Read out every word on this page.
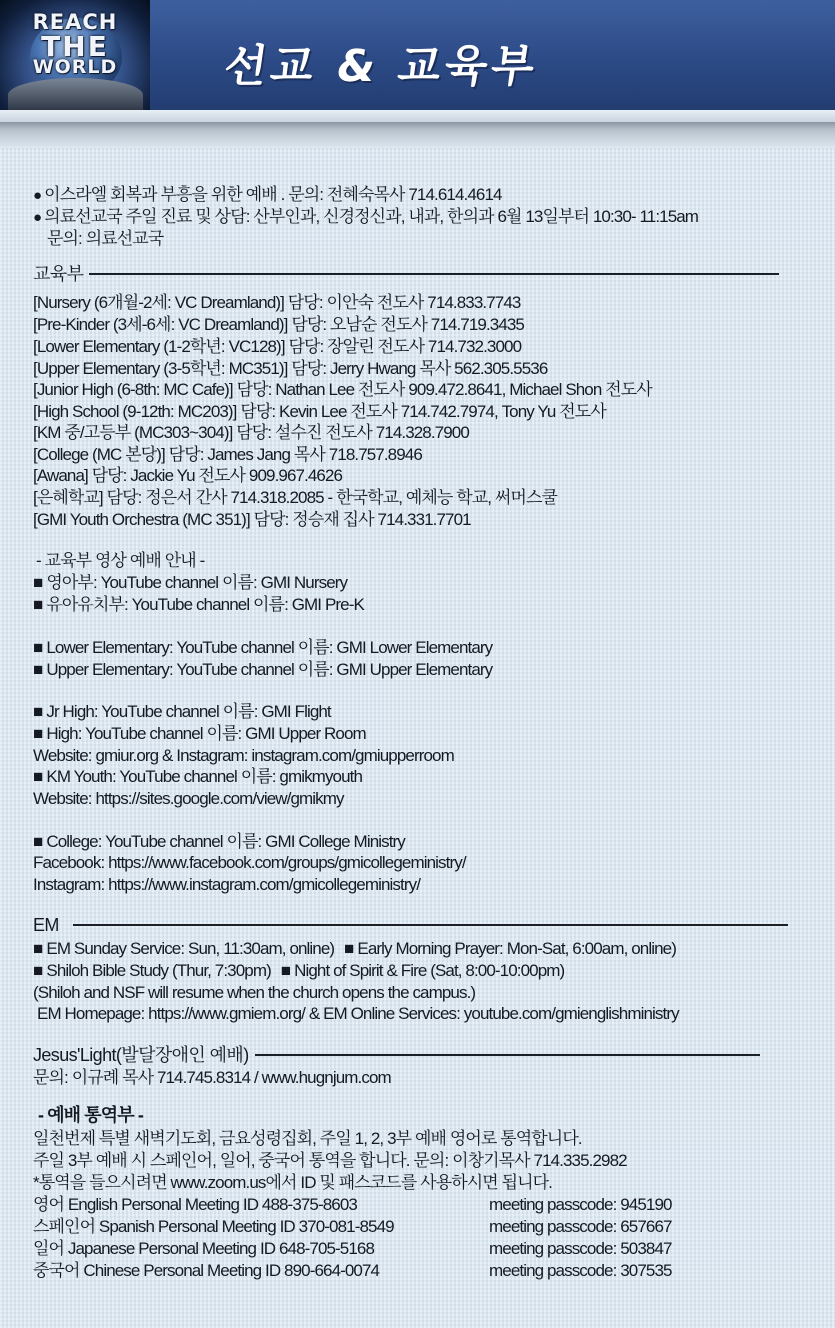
REACH
THE
WORLD	선교 & 교육부
● 이스라엘 회복과 부흥을 위한 예배 . 문의: 전혜숙목사 714.614.4614
● 의료선교국 주일 진료 및 상담: 산부인과, 신경정신과, 내과, 한의과 6월 13일부터 10:30- 11:15am
문의: 의료선교국
교육부
[Nursery (6개월-2세: VC Dreamland)] 담당: 이안숙 전도사 714.833.7743
[Pre-Kinder (3세-6세: VC Dreamland)] 담당: 오남순 전도사 714.719.3435
[Lower Elementary (1-2학년: VC128)] 담당: 장알린 전도사 714.732.3000
[Upper Elementary (3-5학년: MC351)] 담당: Jerry Hwang 목사 562.305.5536
[Junior High (6-8th: MC Cafe)] 담당: Nathan Lee 전도사 909.472.8641, Michael Shon 전도사
[High School (9-12th: MC203)] 담당: Kevin Lee 전도사 714.742.7974, Tony Yu 전도사
[KM 중/고등부 (MC303~304)] 담당: 설수진 전도사 714.328.7900
[College (MC 본당)] 담당: James Jang 목사 718.757.8946
[Awana] 담당: Jackie Yu 전도사 909.967.4626
[은혜학교] 담당: 정은서 간사 714.318.2085 - 한국학교, 예체능 학교, 써머스쿨
[GMI Youth Orchestra (MC 351)] 담당: 정승재 집사 714.331.7701
- 교육부 영상 예배 안내 -
■ 영아부: YouTube channel 이름: GMI Nursery
■ 유아유치부: YouTube channel 이름: GMI Pre-K
■ Lower Elementary: YouTube channel 이름: GMI Lower Elementary
■ Upper Elementary: YouTube channel 이름: GMI Upper Elementary
■ Jr High: YouTube channel 이름: GMI Flight
■ High: YouTube channel 이름: GMI Upper Room
Website: gmiur.org & Instagram: instagram.com/gmiupperroom
■ KM Youth: YouTube channel 이름: gmikmyouth
Website: https://sites.google.com/view/gmikmy
■ College: YouTube channel 이름: GMI College Ministry
Facebook: https://www.facebook.com/groups/gmicollegeministry/
Instagram: https://www.instagram.com/gmicollegeministry/
EM
■ EM Sunday Service: Sun, 11:30am, online) ■ Early Morning Prayer: Mon-Sat, 6:00am, online)
■ Shiloh Bible Study (Thur, 7:30pm) ■ Night of Spirit & Fire (Sat, 8:00-10:00pm)
(Shiloh and NSF will resume when the church opens the campus.)
EM Homepage: https://www.gmiem.org/ & EM Online Services: youtube.com/gmienglishministry
Jesus'Light(발달장애인 예배)
문의: 이규례 목사 714.745.8314 / www.hugnjum.com
- 예배 통역부 -
일천번제 특별 새벽기도회, 금요성령집회, 주일 1, 2, 3부 예배 영어로 통역합니다.
주일 3부 예배 시 스페인어, 일어, 중국어 통역을 합니다. 문의: 이창기목사 714.335.2982
*통역을 들으시려면 www.zoom.us에서 ID 및 패스코드를 사용하시면 됩니다.
영어 English Personal Meeting ID 488-375-8603	meeting passcode: 945190
스페인어 Spanish Personal Meeting ID 370-081-8549	meeting passcode: 657667
일어 Japanese Personal Meeting ID 648-705-5168	meeting passcode: 503847
중국어 Chinese Personal Meeting ID 890-664-0074	meeting passcode: 307535
